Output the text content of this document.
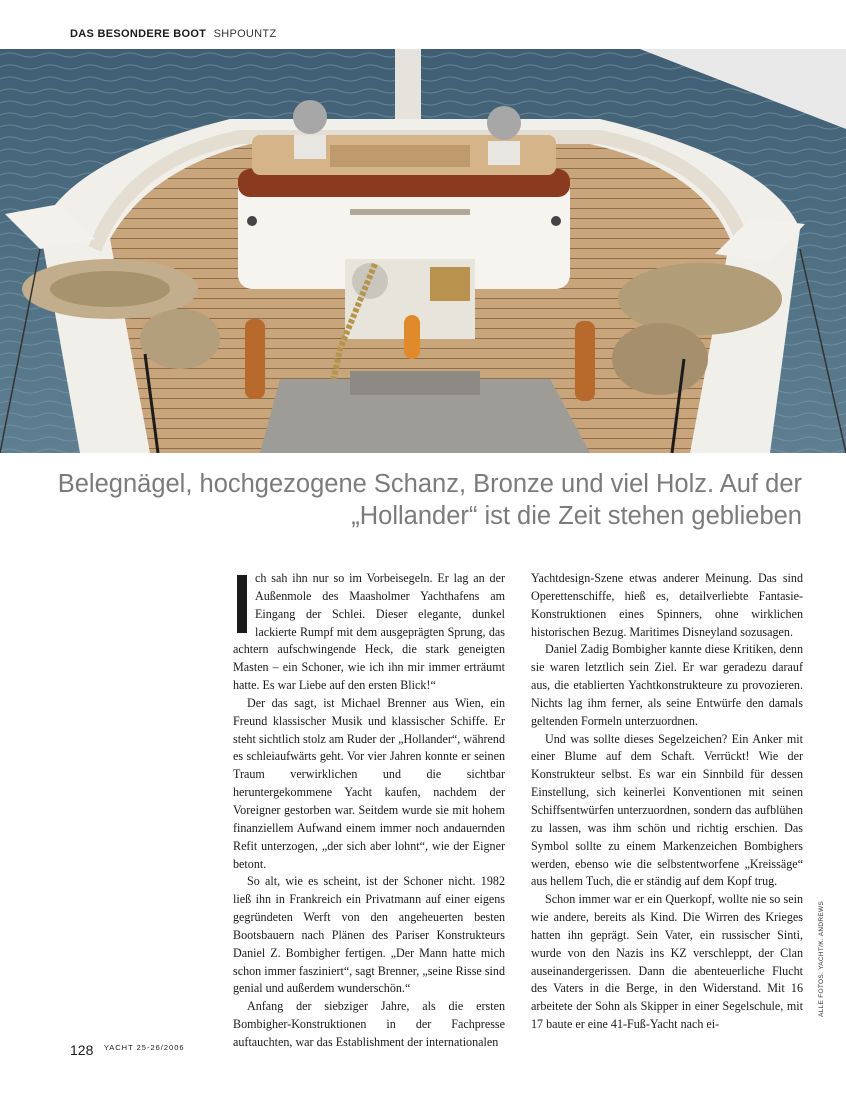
DAS BESONDERE BOOT SHPOUNTZ
Belegnägel, hochgezogene Schanz, Bronze und viel Holz. Auf der „Hollander“ ist die Zeit stehen geblieben

ch sah ihn nur so im Vorbeisegeln. Er lag an der Außenmole des Maasholmer Yachthafens am Eingang der Schlei. Dieser elegante, dunkel lackierte Rumpf mit dem ausgeprägten Sprung, das achtern aufschwingende Heck, die stark geneigten Masten – ein Schoner, wie ich ihn mir immer erträumt hatte. Es war Liebe auf den ersten Blick!“

Der das sagt, ist Michael Brenner aus Wien, ein Freund klassischer Musik und klassischer Schiffe. Er steht sichtlich stolz am Ruder der „Hollander“, während es schleiaufwärts geht. Vor vier Jahren konnte er seinen Traum verwirklichen und die sichtbar heruntergekommene Yacht kaufen, nachdem der Voreigner gestorben war. Seitdem wurde sie mit hohem finanziellem Aufwand einem immer noch andauernden Refit unterzogen, „der sich aber lohnt“, wie der Eigner betont.

So alt, wie es scheint, ist der Schoner nicht. 1982 ließ ihn in Frankreich ein Privatmann auf einer eigens gegründeten Werft von den angeheuerten besten Bootsbauern nach Plänen des Pariser Konstrukteurs Daniel Z. Bombigher fertigen. „Der Mann hatte mich schon immer fasziniert“, sagt Brenner, „seine Risse sind genial und außerdem wunderschön.“

Anfang der siebziger Jahre, als die ersten Bombigher-Konstruktionen in der Fachpresse auftauchten, war das Establishment der internationalen

Yachtdesign-Szene etwas anderer Meinung. Das sind Operettenschiffe, hieß es, detailverliebte Fantasie-Konstruktionen eines Spinners, ohne wirklichen historischen Bezug. Maritimes Disneyland sozusagen.

Daniel Zadig Bombigher kannte diese Kritiken, denn sie waren letztlich sein Ziel. Er war geradezu darauf aus, die etablierten Yachtkonstrukteure zu provozieren. Nichts lag ihm ferner, als seine Entwürfe den damals geltenden Formeln unterzuordnen.

Und was sollte dieses Segelzeichen? Ein Anker mit einer Blume auf dem Schaft. Verrückt! Wie der Konstrukteur selbst. Es war ein Sinnbild für dessen Einstellung, sich keinerlei Konventionen mit seinen Schiffsentwürfen unterzuordnen, sondern das aufblühen zu lassen, was ihm schön und richtig erschien. Das Symbol sollte zu einem Markenzeichen Bombighers werden, ebenso wie die selbstentworfene „Kreissäge“ aus hellem Tuch, die er ständig auf dem Kopf trug.

Schon immer war er ein Querkopf, wollte nie so sein wie andere, bereits als Kind. Die Wirren des Krieges hatten ihn geprägt. Sein Vater, ein russischer Sinti, wurde von den Nazis ins KZ verschleppt, der Clan auseinandergerissen. Dann die abenteuerliche Flucht des Vaters in die Berge, in den Widerstand. Mit 16 arbeitete der Sohn als Skipper in einer Segelschule, mit 17 baute er eine 41-Fuß-Yacht nach ei-

128 $^{YACHT 25-26/2006}$
ALLE FOTOS: YACHT/K. ANDREWS
